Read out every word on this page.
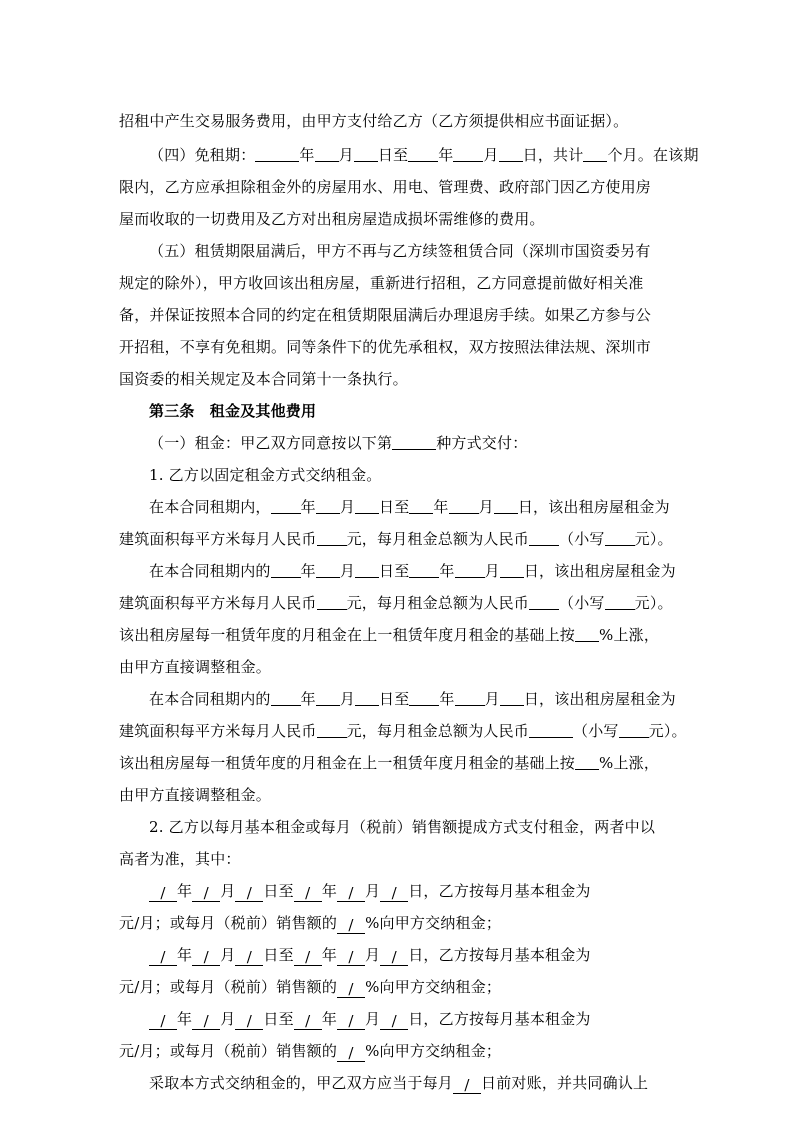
招租中产生交易服务费用，由甲方支付给乙方（乙方须提供相应书面证据）。
（四）免租期：	年 月 日至 年 月 日，共计 个月。在该期
限内，乙方应承担除租金外的房屋用水、用电、管理费、政府部门因乙方使用房
屋而收取的一切费用及乙方对出租房屋造成损坏需维修的费用。
（五）租赁期限届满后，甲方不再与乙方续签租赁合同（深圳市国资委另有
规定的除外），甲方收回该出租房屋，重新进行招租，乙方同意提前做好相关准
备，并保证按照本合同的约定在租赁期限届满后办理退房手续。如果乙方参与公
开招租，不享有免租期。同等条件下的优先承租权，双方按照法律法规、深圳市
国资委的相关规定及本合同第十一条执行。
第三条　租金及其他费用
（一）租金：甲乙双方同意按以下第	种方式交付：
1. 乙方以固定租金方式交纳租金。
在本合同租期内， 年 月 日至 年 月 日，该出租房屋租金为
建筑面积每平方米每月人民币 元，每月租金总额为人民币 （小写 元）。
在本合同租期内的 年 月 日至 年 月 日，该出租房屋租金为
建筑面积每平方米每月人民币 元，每月租金总额为人民币 （小写 元）。
该出租房屋每一租赁年度的月租金在上一租赁年度月租金的基础上按 %上涨，
由甲方直接调整租金。
在本合同租期内的 年 月 日至 年 月 日，该出租房屋租金为
建筑面积每平方米每月人民币 元，每月租金总额为人民币	（小写 元）。
该出租房屋每一租赁年度的月租金在上一租赁年度月租金的基础上按 %上涨，
由甲方直接调整租金。
2. 乙方以每月基本租金或每月（税前）销售额提成方式支付租金，两者中以
高者为准，其中：
/ 年 / 月 / 日至 / 年 / 月 / 日，乙方按每月基本租金为
元/月；或每月（税前）销售额的 / %向甲方交纳租金；
/ 年 / 月 / 日至 / 年 / 月 / 日，乙方按每月基本租金为
元/月；或每月（税前）销售额的 / %向甲方交纳租金；
/ 年 / 月 / 日至 / 年 / 月 / 日，乙方按每月基本租金为
元/月；或每月（税前）销售额的 / %向甲方交纳租金；
采取本方式交纳租金的，甲乙双方应当于每月 / 日前对账，并共同确认上
